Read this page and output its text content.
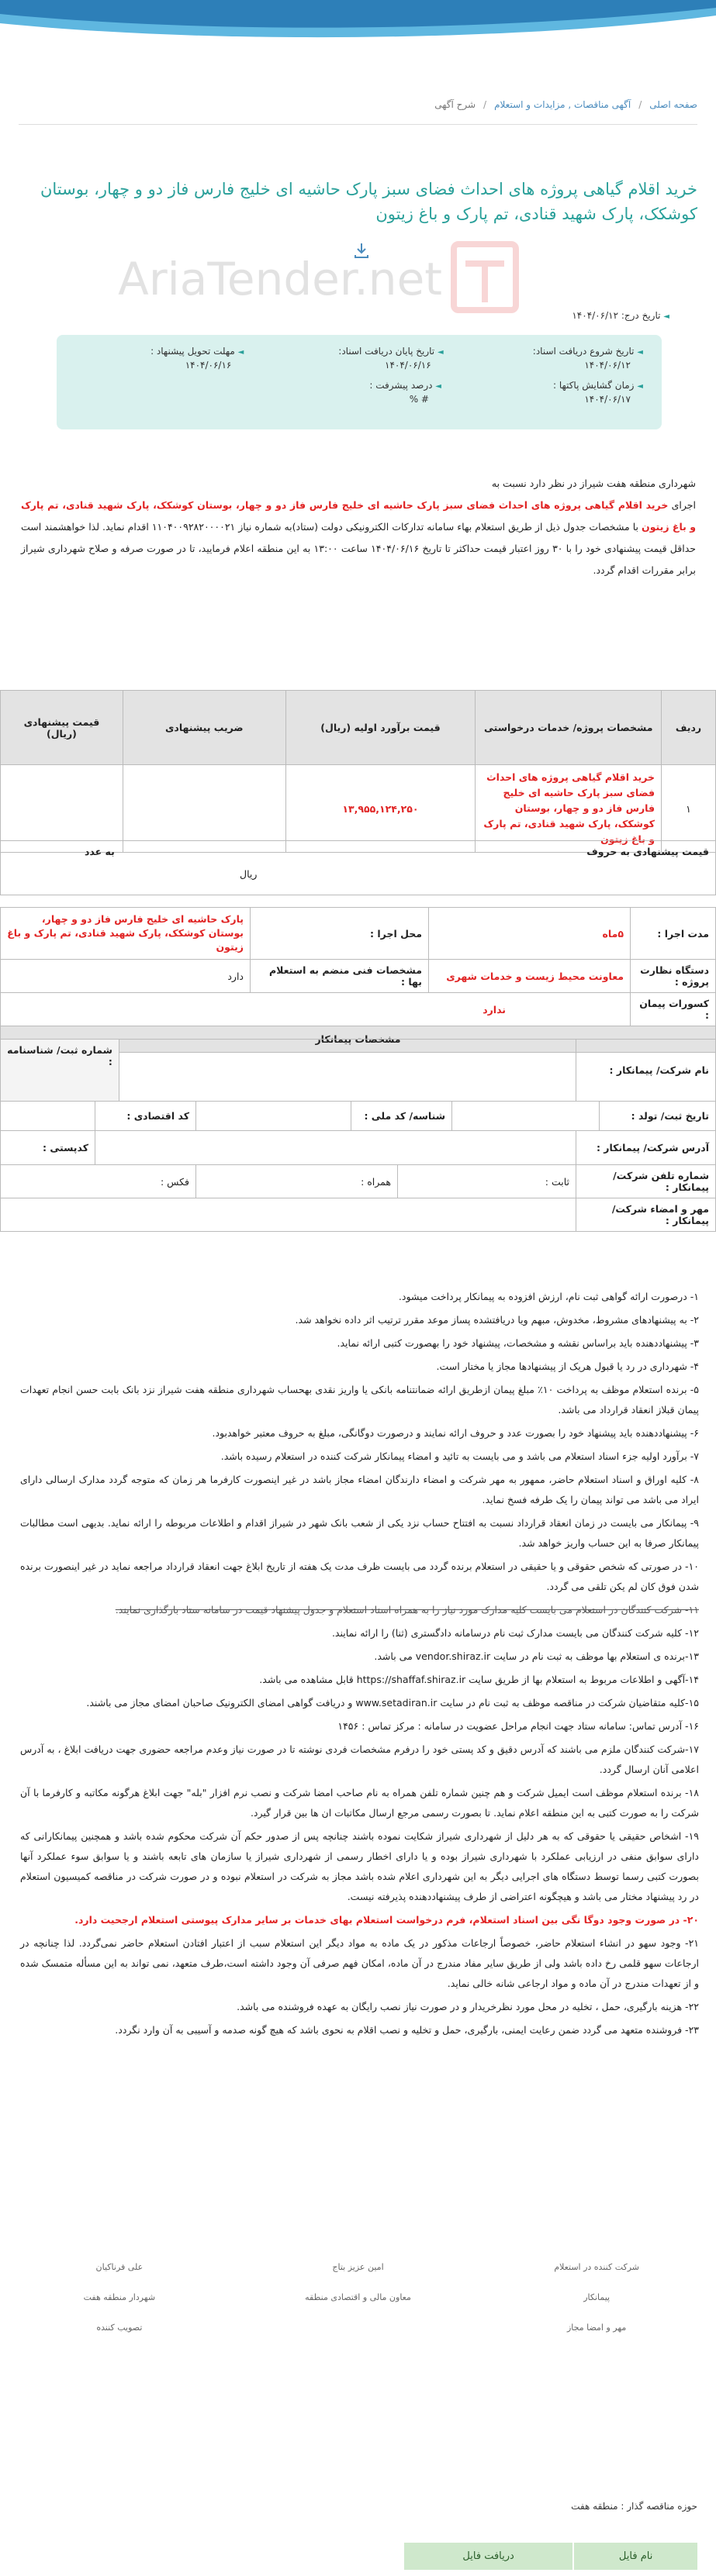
صفحه اصلی
/
آگهی مناقصات , مزایدات و استعلام
/
شرح آگهی
خرید اقلام گیاهی پروژه های احداث فضای سبز پارک حاشیه ای خلیج فارس فاز دو و چهار، بوستان کوشکک، پارک شهید قنادی، تم پارک و باغ زیتون
AriaTender.net
◄ تاریخ درج: ۱۴۰۴/۰۶/۱۲
◄ تاریخ شروع دریافت اسناد:
۱۴۰۴/۰۶/۱۲
◄ تاریخ پایان دریافت اسناد:
۱۴۰۴/۰۶/۱۶
◄ مهلت تحویل پیشنهاد :
۱۴۰۴/۰۶/۱۶
◄ زمان گشایش پاکتها :
۱۴۰۴/۰۶/۱۷
◄ درصد پیشرفت :
# %

شهرداری منطقه هفت شیراز در نظر دارد نسبت به

اجرای خرید اقلام گیاهی پروژه های احداث فضای سبز پارک حاشیه ای خلیج فارس فاز دو و چهار، بوستان کوشکک، پارک شهید قنادی، تم پارک و باغ زیتون با مشخصات جدول ذیل از طریق استعلام بهاء سامانه تدارکات الکترونیکی دولت (ستاد)به شماره نیاز ۱۱۰۴۰۰۹۲۸۲۰۰۰۰۲۱ اقدام نماید. لذا خواهشمند است حداقل قیمت پیشنهادی خود را با ۳۰ روز اعتبار قیمت حداکثر تا تاریخ ۱۴۰۴/۰۶/۱۶ ساعت ۱۳:۰۰ به این منطقه اعلام فرمایید، تا در صورت صرفه و صلاح شهرداری شیراز برابر مقررات اقدام گردد.

ردیف	مشخصات پروژه/ خدمات درخواستی	قیمت برآورد اولیه (ریال)	ضریب پیشنهادی	قیمت پیشنهادی (ریال)
۱	خرید اقلام گیاهی پروژه های احداث فضای سبز پارک حاشیه ای خلیج فارس فاز دو و چهار، بوستان کوشکک، پارک شهید قنادی، تم پارک و باغ زیتون	۱۳,۹۵۵,۱۲۴,۲۵۰		
قیمت پیشنهادی به حروف
به عدد
ریال
مدت اجرا :	۵ماه	محل اجرا :	پارک حاشیه ای خلیج فارس فاز دو و چهار، بوستان کوشکک، پارک شهید قنادی، تم پارک و باغ زیتون
دستگاه نظارت پروژه :	معاونت محیط زیست و خدمات شهری	مشخصات فنی منضم به استعلام بها :	دارد
کسورات پیمان :	ندارد		
مشخصات پیمانکار			
نام شرکت/ پیمانکار :		شماره ثبت/ شناسنامه :
تاریخ ثبت/ تولد :		شناسه/ کد ملی :		کد اقتصادی :	
آدرس شرکت/ پیمانکار :		کدپستی :
شماره تلفن شرکت/ پیمانکار :	ثابت :	همراه :	فکس :
مهر و امضاء شرکت/ پیمانکار :			

۱- درصورت ارائه گواهی ثبت نام، ارزش افزوده به پیمانکار پرداخت میشود.

۲- به پیشنهادهای مشروط، مخدوش، مبهم ویا دریافتشده پساز موعد مقرر ترتیب اثر داده نخواهد شد.

۳- پیشنهاددهنده باید براساس نقشه و مشخصات، پیشنهاد خود را بهصورت کتبی ارائه نماید.

۴- شهرداری در رد یا قبول هریک از پیشنهادها مجاز یا مختار است.

۵- برنده استعلام موظف به پرداخت ۱۰٪ مبلغ پیمان ازطریق ارائه ضمانتنامه بانکی یا واریز نقدی بهحساب شهرداری منطقه هفت شیراز نزد بانک بابت حسن انجام تعهدات پیمان قبلاز انعقاد قرارداد می باشد.

۶- پیشنهاددهنده باید پیشنهاد خود را بصورت عدد و حروف ارائه نمایند و درصورت دوگانگی، مبلغ به حروف معتبر خواهدبود.

۷- برآورد اولیه جزء اسناد استعلام می باشد و می بایست به تائید و امضاء پیمانکار شرکت کننده در استعلام رسیده باشد.

۸- کلیه اوراق و اسناد استعلام حاضر، ممهور به مهر شرکت و امضاء دارندگان امضاء مجاز باشد در غیر اینصورت کارفرما هر زمان که متوجه گردد مدارک ارسالی دارای ایراد می باشد می تواند پیمان را یک طرفه فسخ نماید.

۹- پیمانکار می بایست در زمان انعقاد قرارداد نسبت به افتتاح حساب نزد یکی از شعب بانک شهر در شیراز اقدام و اطلاعات مربوطه را ارائه نماید. بدیهی است مطالبات پیمانکار صرفا به این حساب واریز خواهد شد.

۱۰- در صورتی که شخص حقوقی و یا حقیقی در استعلام برنده گردد می بایست ظرف مدت یک هفته از تاریخ ابلاغ جهت انعقاد قرارداد مراجعه نماید در غیر اینصورت برنده شدن فوق کان لم یکن تلقی می گردد.

۱۱- شرکت کنندگان در استعلام می بایست کلیه مدارک مورد نیاز را به همراه اسناد استعلام و جدول پیشنهاد قیمت در سامانه ستاد بارگذاری نمایند.

۱۲- کلیه شرکت کنندگان می بایست مدارک ثبت نام درسامانه دادگستری (ثنا) را ارائه نمایند.

۱۳-برنده ی استعلام بها موظف به ثبت نام در سایت vendor.shiraz.ir می باشد.

۱۴-آگهی و اطلاعات مربوط به استعلام بها از طریق سایت https://shaffaf.shiraz.ir قابل مشاهده می باشد.

۱۵-کلیه متقاضیان شرکت در مناقصه موظف به ثبت نام در سایت www.setadiran.ir و دریافت گواهی امضای الکترونیک صاحبان امضای مجاز می باشند.

۱۶- آدرس تماس: سامانه ستاد جهت انجام مراحل عضویت در سامانه : مرکز تماس : ۱۴۵۶

۱۷-شرکت کنندگان ملزم می باشند که آدرس دقیق و کد پستی خود را درفرم مشخصات فردی نوشته تا در صورت نیاز وعدم مراجعه حضوری جهت دریافت ابلاغ ، به آدرس اعلامی آنان ارسال گردد.

۱۸- برنده استعلام موظف است ایمیل شرکت و هم چنین شماره تلفن همراه به نام صاحب امضا شرکت و نصب نرم افزار "بله" جهت ابلاغ هرگونه مکاتبه و کارفرما با آن شرکت را به صورت کتبی به این منطقه اعلام نماید. تا بصورت رسمی مرجع ارسال مکاتبات ان ها بین قرار گیرد.

۱۹- اشخاص حقیقی یا حقوقی که به هر دلیل از شهرداری شیراز شکایت نموده باشند چنانچه پس از صدور حکم آن شرکت محکوم شده باشد و همچنین پیمانکارانی که دارای سوابق منفی در ارزیابی عملکرد با شهرداری شیراز بوده و یا دارای اخطار رسمی از شهرداری شیراز یا سازمان های تابعه باشند و یا سوابق سوء عملکرد آنها بصورت کتبی رسما توسط دستگاه های اجرایی دیگر به این شهرداری اعلام شده باشد مجاز به شرکت در استعلام نبوده و در صورت شرکت در مناقصه کمیسیون استعلام در رد پیشنهاد مختار می باشد و هیچگونه اعتراضی از طرف پیشنهاددهنده پذیرفته نیست.

۲۰- در صورت وجود دوگا نگی بین اسناد استعلام، فرم درخواست استعلام بهای خدمات بر سایر مدارک پیوستی استعلام ارجحیت دارد.

۲۱- وجود سهو در انشاء استعلام حاضر، خصوصاً ارجاعات مذکور در یک ماده به مواد دیگر این استعلام سبب از اعتبار افتادن استعلام حاضر نمی‌گردد. لذا چنانچه در ارجاعات سهو قلمی رخ داده باشد ولی از طریق سایر مفاد مندرج در آن ماده، امکان فهم صرفی آن وجود داشته است،طرف متعهد، نمی تواند به این مسأله متمسک شده و از تعهدات مندرج در آن ماده و مواد ارجاعی شانه خالی نماید.

۲۲- هزینه بارگیری، حمل ، تخلیه در محل مورد نظرخریدار و در صورت نیاز نصب رایگان به عهده فروشنده می باشد.

۲۳- فروشنده متعهد می گردد ضمن رعایت ایمنی، بارگیری، حمل و تخلیه و نصب اقلام به نحوی باشد که هیچ گونه صدمه و آسیبی به آن وارد نگردد.

شرکت کننده در استعلام
امین عزیز بتاج
علی فرناکیان
پیمانکار
معاون مالی و اقتصادی منطقه
شهردار منطقه هفت
مهر و امضا مجاز
تصویب کننده
حوزه مناقصه گذار : منطقه هفت
نام فایل	دریافت فایل
